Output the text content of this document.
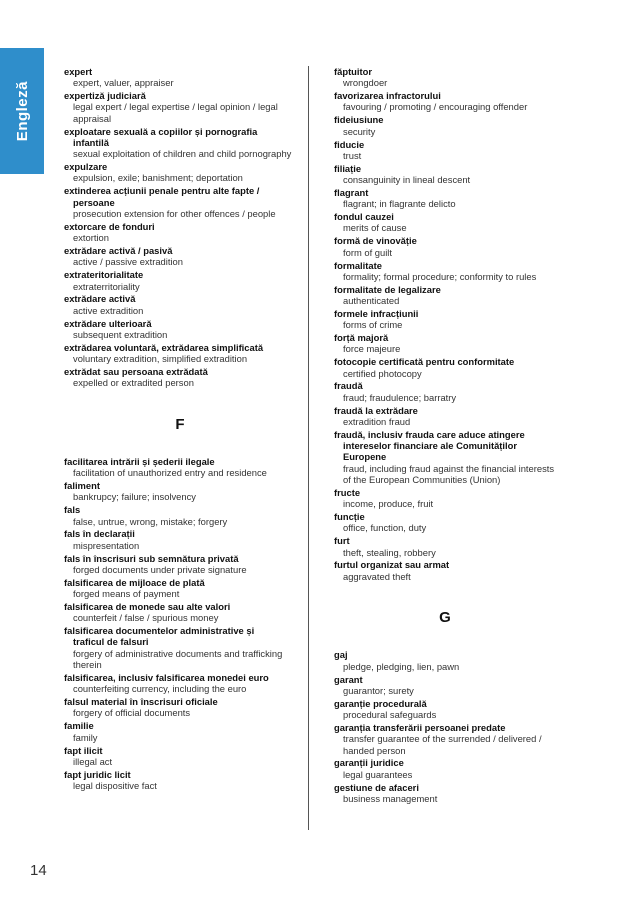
Engleză
expert
expert, valuer, appraiser
expertiză judiciară
legal expert / legal expertise / legal opinion / legal appraisal
exploatare sexuală a copiilor și pornografia
infantilă
sexual exploitation of children and child pornography
expulzare
expulsion, exile; banishment; deportation
extinderea acțiunii penale pentru alte fapte /
persoane
prosecution extension for other offences / people
extorcare de fonduri
extortion
extrădare activă / pasivă
active / passive extradition
extrateritorialitate
extraterritoriality
extrădare activă
active extradition
extrădare ulterioară
subsequent extradition
extrădarea voluntară, extrădarea simplificată
voluntary extradition, simplified extradition
extrădat sau persoana extrădată
expelled or extradited person
F
facilitarea intrării și șederii ilegale
facilitation of unauthorized entry and residence
faliment
bankrupcy; failure; insolvency
fals
false, untrue, wrong, mistake; forgery
fals în declarații
mispresentation
fals în înscrisuri sub semnătura privată
forged documents under private signature
falsificarea de mijloace de plată
forged means of payment
falsificarea de monede sau alte valori
counterfeit / false / spurious money
falsificarea documentelor administrative și
traficul de falsuri
forgery of administrative documents and trafficking therein
falsificarea, inclusiv falsificarea monedei euro
counterfeiting currency, including the euro
falsul material în înscrisuri oficiale
forgery of official documents
familie
family
fapt ilicit
illegal act
fapt juridic licit
legal dispositive fact
făptuitor
wrongdoer
favorizarea infractorului
favouring / promoting / encouraging offender
fideiusiune
security
fiducie
trust
filiație
consanguinity in lineal descent
flagrant
flagrant; in flagrante delicto
fondul cauzei
merits of cause
formă de vinovăție
form of guilt
formalitate
formality; formal procedure; conformity to rules
formalitate de legalizare
authenticated
formele infracțiunii
forms of crime
forță majoră
force majeure
fotocopie certificată pentru conformitate
certified photocopy
fraudă
fraud; fraudulence; barratry
fraudă la extrădare
extradition fraud
fraudă, inclusiv frauda care aduce atingere
intereselor financiare ale Comunităților Europene
fraud, including fraud against the financial interests of the European Communities (Union)
fructe
income, produce, fruit
funcție
office, function, duty
furt
theft, stealing, robbery
furtul organizat sau armat
aggravated theft
G
gaj
pledge, pledging, lien, pawn
garant
guarantor; surety
garanție procedurală
procedural safeguards
garanția transferării persoanei predate
transfer guarantee of the surrended / delivered / handed person
garanții juridice
legal guarantees
gestiune de afaceri
business management
14
